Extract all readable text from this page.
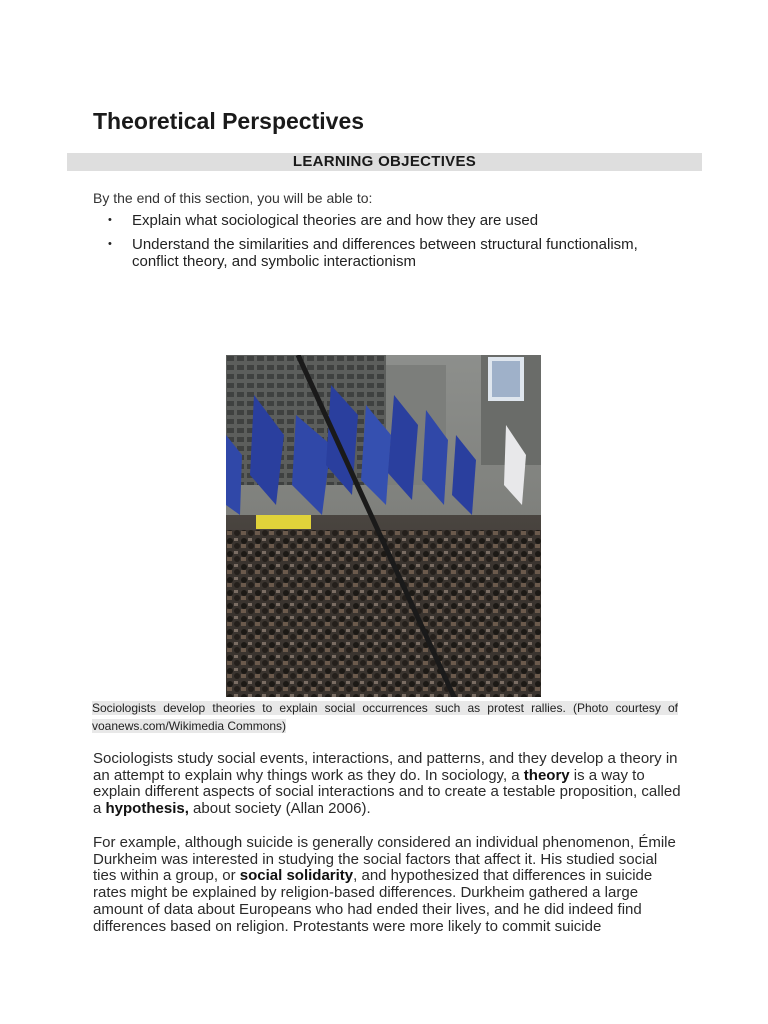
Theoretical Perspectives
LEARNING OBJECTIVES
By the end of this section, you will be able to:
• Explain what sociological theories are and how they are used
• Understand the similarities and differences between structural functionalism, conflict theory, and symbolic interactionism

Sociologists develop theories to explain social occurrences such as protest rallies. (Photo courtesy of voanews.com/Wikimedia Commons)

Sociologists study social events, interactions, and patterns, and they develop a theory in an attempt to explain why things work as they do. In sociology, a theory is a way to explain different aspects of social interactions and to create a testable proposition, called a hypothesis, about society (Allan 2006).

For example, although suicide is generally considered an individual phenomenon, Émile Durkheim was interested in studying the social factors that affect it. His studied social ties within a group, or social solidarity, and hypothesized that differences in suicide rates might be explained by religion-based differences. Durkheim gathered a large amount of data about Europeans who had ended their lives, and he did indeed find differences based on religion. Protestants were more likely to commit suicide
